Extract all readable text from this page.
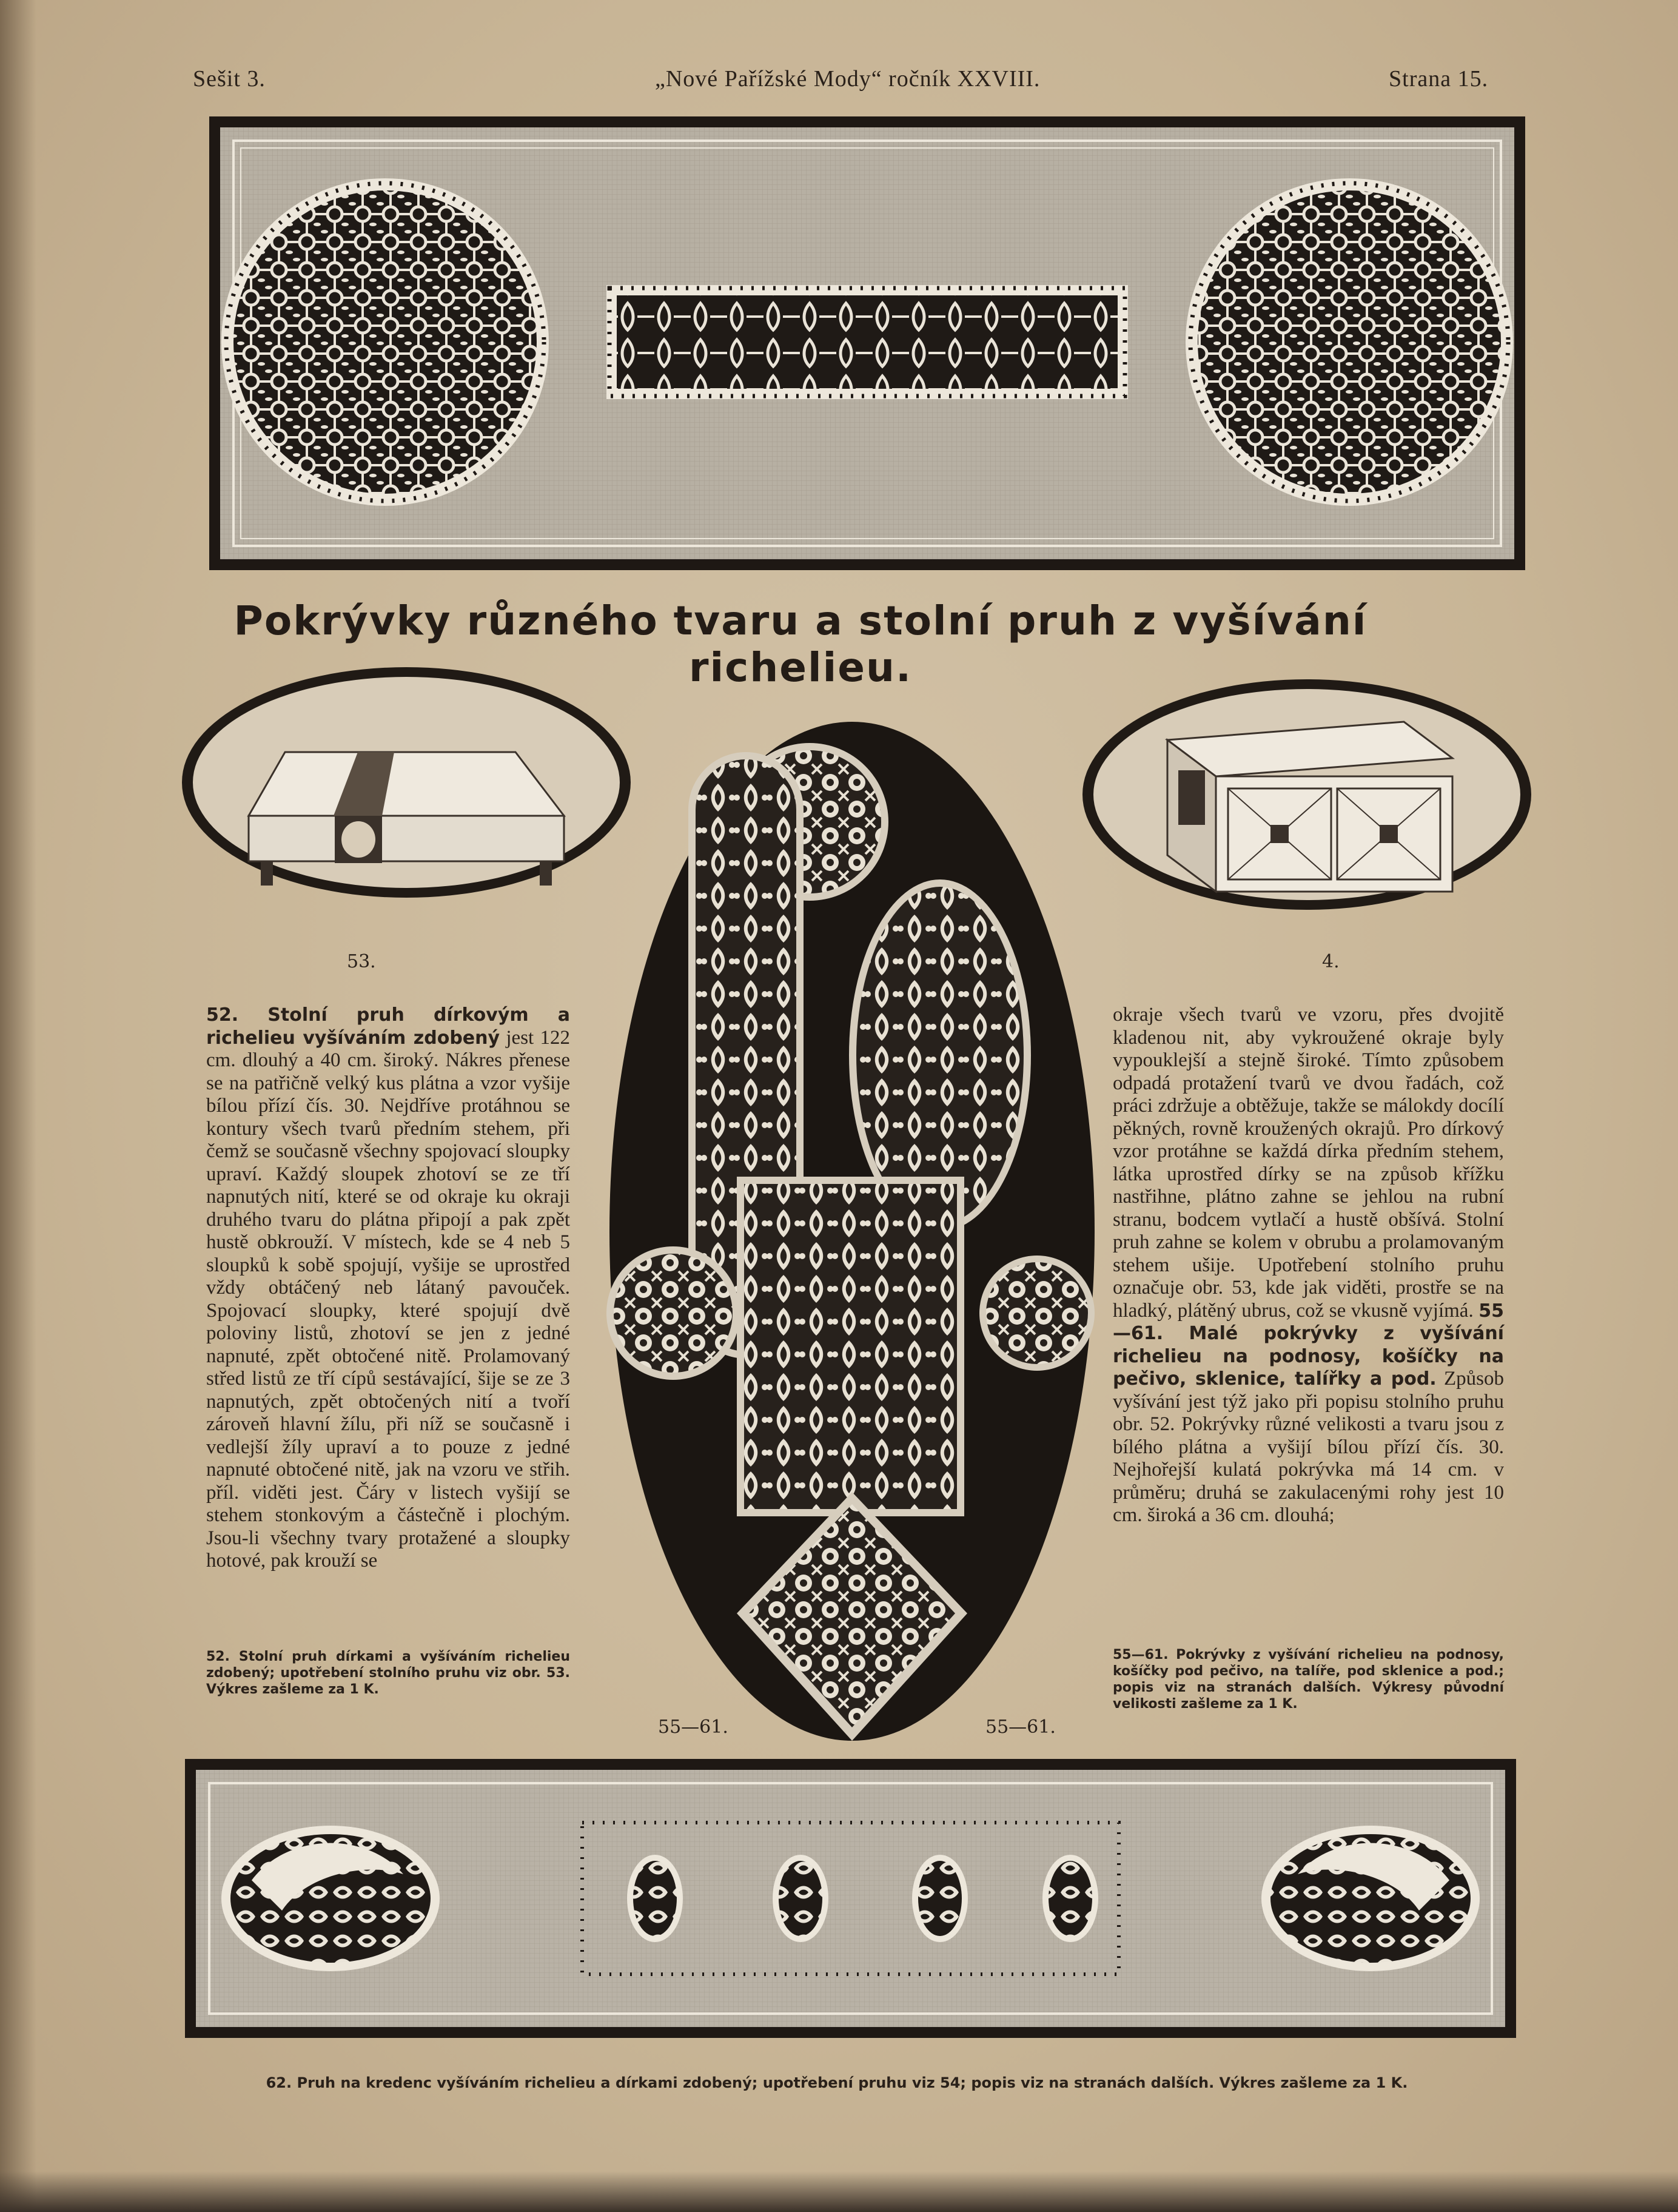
Sešit 3.	„Nové Pařížské Mody“ ročník XXVIII.	Strana 15.
Pokrývky různého tvaru a stolní pruh z vyšívání richelieu.
53.	4.
52. Stolní pruh dírkovým a richelieu vyšíváním zdobený jest 122 cm. dlouhý a 40 cm. široký. Nákres přenese se na patřičně velký kus plátna a vzor vyšije bílou přízí čís. 30. Nejdříve protáhnou se kontury všech tvarů předním stehem, při čemž se současně všechny spojovací sloupky upraví. Každý sloupek zhotoví se ze tří napnutých nití, které se od okraje ku okraji druhého tvaru do plátna připojí a pak zpět hustě obkrouží. V místech, kde se 4 neb 5 sloupků k sobě spojují, vyšije se uprostřed vždy obtáčený neb látaný pavouček. Spojovací sloupky, které spojují dvě poloviny listů, zhotoví se jen z jedné napnuté, zpět obtočené nitě. Prolamovaný střed listů ze tří cípů sestávající, šije se ze 3 napnutých, zpět obtočených nití a tvoří zároveň hlavní žílu, při níž se současně i vedlejší žíly upraví a to pouze z jedné napnuté obtočené nitě, jak na vzoru ve střih. příl. viděti jest. Čáry v listech vyšijí se stehem stonkovým a částečně i plochým. Jsou-li všechny tvary protažené a sloupky hotové, pak krouží se
52. Stolní pruh dírkami a vyšíváním richelieu zdobený; upotřebení stolního pruhu viz obr. 53. Výkres zašleme za 1 K.
okraje všech tvarů ve vzoru, přes dvojitě kladenou nit, aby vykroužené okraje byly vypouklejší a stejně široké. Tímto způsobem odpadá protažení tvarů ve dvou řadách, což práci zdržuje a obtěžuje, takže se málokdy docílí pěkných, rovně kroužených okrajů. Pro dírkový vzor protáhne se každá dírka předním stehem, látka uprostřed dírky se na způsob křížku nastřihne, plátno zahne se jehlou na rubní stranu, bodcem vytlačí a hustě obšívá. Stolní pruh zahne se kolem v obrubu a prolamovaným stehem ušije. Upotřebení stolního pruhu označuje obr. 53, kde jak viděti, prostře se na hladký, plátěný ubrus, což se vkusně vyjímá. 55—61. Malé pokrývky z vyšívání richelieu na podnosy, košíčky na pečivo, sklenice, talířky a pod. Způsob vyšívání jest týž jako při popisu stolního pruhu obr. 52. Pokrývky různé velikosti a tvaru jsou z bílého plátna a vyšijí bílou přízí čís. 30. Nejhořejší kulatá pokrývka má 14 cm. v průměru; druhá se zakulacenými rohy jest 10 cm. široká a 36 cm. dlouhá;
55—61. Pokrývky z vyšívání richelieu na podnosy, košíčky pod pečivo, na talíře, pod sklenice a pod.; popis viz na stranách dalších. Výkresy původní velikosti zašleme za 1 K.
55—61.	55—61.
62. Pruh na kredenc vyšíváním richelieu a dírkami zdobený; upotřebení pruhu viz 54; popis viz na stranách dalších. Výkres zašleme za 1 K.
